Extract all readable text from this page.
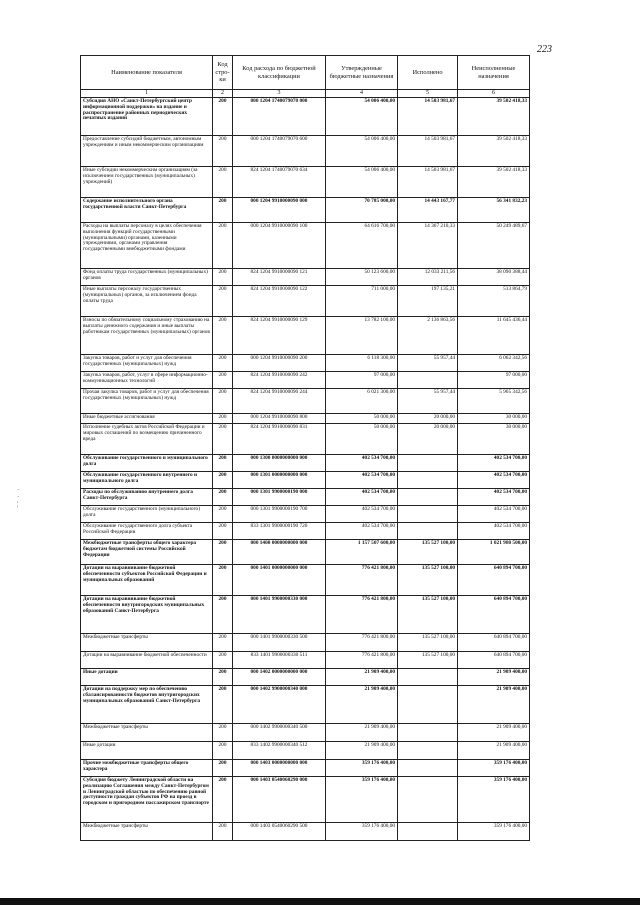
223
Наименование показателя	Код стро-ки	Код расхода по бюджетной классификации	Утвержденные бюджетные назначения	Исполнено	Неисполненные назначения
1	2	3	4	5	6
Субсидия АНО «Санкт-Петербургский центр информационной поддержки» на издание и распространение районных периодических печатных изданий	200	000 1204 1740079070 000	54 006 400,00	14 503 981,67	39 502 418,33
Предоставление субсидий бюджетным, автономным учреждениям и иным некоммерческим организациям	200	000 1204 1740079070 600	54 006 400,00	14 503 981,67	39 502 418,33
Иные субсидии некоммерческим организациям (за исключением государственных (муниципальных) учреждений)	200	824 1204 1740079070 634	54 006 400,00	14 503 981,67	39 502 418,33
Содержание исполнительного органа государственной власти Санкт-Петербурга	200	000 1204 9910000090 000	70 785 000,00	14 443 167,77	56 341 832,23
Расходы на выплаты персоналу в целях обеспечения выполнения функций государственными (муниципальными) органами, казенными учреждениями, органами управления государственными внебюджетными фондами	200	000 1204 9910000090 100	64 616 700,00	14 367 210,33	50 249 489,67
Фонд оплаты труда государственных (муниципальных) органов	200	824 1204 9910000090 121	50 123 600,00	12 033 211,56	38 090 388,44
Иные выплаты персоналу государственных (муниципальных) органов, за исключением фонда оплаты труда	200	824 1204 9910000090 122	711 000,00	197 135,21	513 864,79
Взносы по обязательному социальному страхованию на выплаты денежного содержания и иные выплаты работникам государственных (муниципальных) органов	200	824 1204 9910000090 129	13 782 100,00	2 136 863,56	11 645 436,44
Закупка товаров, работ и услуг для обеспечения государственных (муниципальных) нужд	200	000 1204 9910000090 200	6 118 300,00	55 957,44	6 062 342,56
Закупка товаров, работ, услуг в сфере информационно-коммуникационных технологий	200	824 1204 9910000090 242	97 000,00		97 000,00
Прочая закупка товаров, работ и услуг для обеспечения государственных (муниципальных) нужд	200	824 1204 9910000090 244	6 021 300,00	55 957,44	5 965 342,56
Иные бюджетные ассигнования	200	000 1204 9910000090 800	50 000,00	20 000,00	30 000,00
Исполнение судебных актов Российской Федерации и мировых соглашений по возмещению причиненного вреда	200	824 1204 9910000090 831	50 000,00	20 000,00	30 000,00
Обслуживание государственного и муниципального долга	200	000 1300 0000000000 000	402 534 700,00		402 534 700,00
Обслуживание государственного внутреннего и муниципального долга	200	000 1301 0000000000 000	402 534 700,00		402 534 700,00
Расходы по обслуживанию внутреннего долга Санкт-Петербурга	200	000 1301 9900000190 000	402 534 700,00		402 534 700,00
Обслуживание государственного (муниципального) долга	200	000 1301 9900000190 700	402 534 700,00		402 534 700,00
Обслуживание государственного долга субъекта Российской Федерации	200	833 1301 9900000190 720	402 534 700,00		402 534 700,00
Межбюджетные трансферты общего характера бюджетам бюджетной системы Российской Федерации	200	000 1400 0000000000 000	1 157 507 600,00	135 527 100,00	1 021 980 500,00
Дотации на выравнивание бюджетной обеспеченности субъектов Российской Федерации и муниципальных образований	200	000 1401 0000000000 000	776 421 800,00	135 527 100,00	640 894 700,00
Дотации на выравнивание бюджетной обеспеченности внутригородских муниципальных образований Санкт-Петербурга	200	000 1401 9900000330 000	776 421 800,00	135 527 100,00	640 894 700,00
Межбюджетные трансферты	200	000 1401 9900000330 500	776 421 800,00	135 527 100,00	640 894 700,00
Дотации на выравнивание бюджетной обеспеченности	200	833 1401 9900000330 511	776 421 800,00	135 527 100,00	640 894 700,00
Иные дотации	200	000 1402 0000000000 000	21 909 400,00		21 909 400,00
Дотации на поддержку мер по обеспечению сбалансированности бюджетов внутригородских муниципальных образований Санкт-Петербурга	200	000 1402 9900000340 000	21 909 400,00		21 909 400,00
Межбюджетные трансферты	200	000 1402 9900000340 500	21 909 400,00		21 909 400,00
Иные дотации	200	833 1402 9900000340 512	21 909 400,00		21 909 400,00
Прочие межбюджетные трансферты общего характера	200	000 1403 0000000000 000	359 176 400,00		359 176 400,00
Субсидия бюджету Ленинградской области на реализацию Соглашения между Санкт-Петербургом и Ленинградской областью по обеспечению равной доступности граждан субъектов РФ на проезд в городском и пригородном пассажирском транспорте	200	000 1403 0540060290 000	359 176 400,00		359 176 400,00
Межбюджетные трансферты	200	000 1403 0540060290 500	359 176 400,00		359 176 400,00
·
·
¦
